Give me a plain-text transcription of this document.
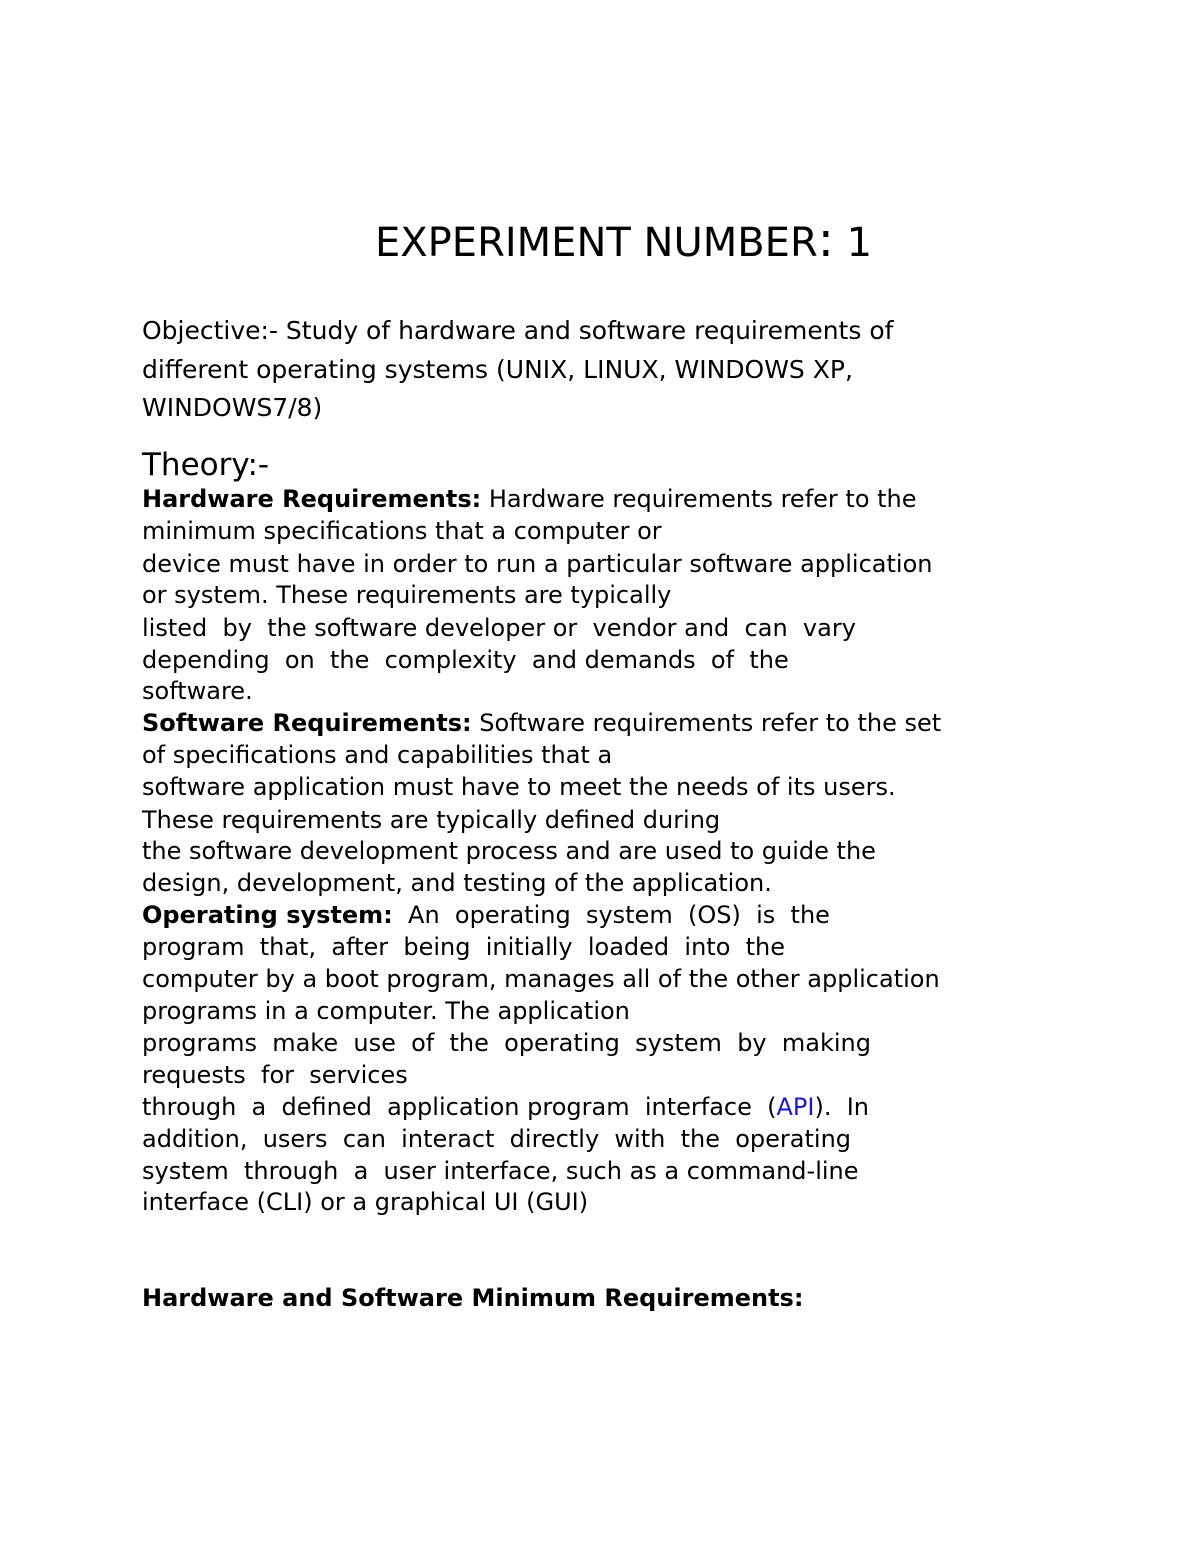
EXPERIMENT NUMBER: 1

Objective:- Study of hardware and software requirements of

different operating systems (UNIX, LINUX, WINDOWS XP,

WINDOWS7/8)

Theory:-

Hardware Requirements: Hardware requirements refer to the

minimum specifications that a computer or

device must have in order to run a particular software application

or system. These requirements are typically

listed  by  the software developer or  vendor and  can  vary

depending  on  the  complexity  and demands  of  the

software.

Software Requirements: Software requirements refer to the set

of specifications and capabilities that a

software application must have to meet the needs of its users.

These requirements are typically defined during

the software development process and are used to guide the

design, development, and testing of the application.

Operating system:  An  operating  system  (OS)  is  the

program  that,  after  being  initially  loaded  into  the

computer by a boot program, manages all of the other application

programs in a computer. The application

programs  make  use  of  the  operating  system  by  making

requests  for  services

through  a  defined  application program  interface  (API).  In

addition,  users  can  interact  directly  with  the  operating

system  through  a  user interface, such as a command-line

interface (CLI) or a graphical UI (GUI)

Hardware and Software Minimum Requirements:
